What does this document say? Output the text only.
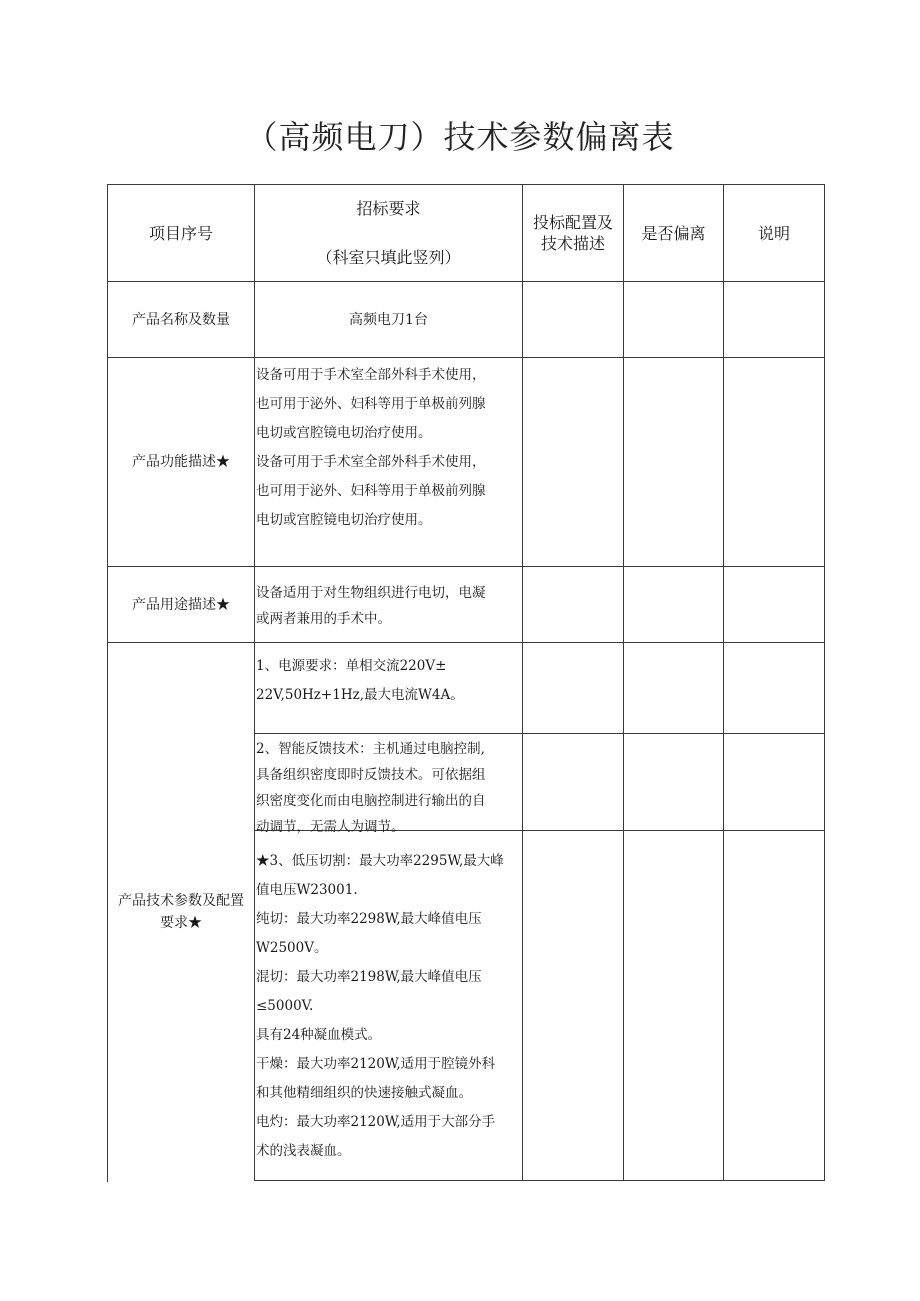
（高频电刀）技术参数偏离表
项目序号
招标要求
（科室只填此竖列）
投标配置及
技术描述
是否偏离	说明
产品名称及数量	高频电刀1台
产品功能描述★
设备可用于手术室全部外科手术使用，
也可用于泌外、妇科等用于单极前列腺
电切或宫腔镜电切治疗使用。
设备可用于手术室全部外科手术使用，
也可用于泌外、妇科等用于单极前列腺
电切或宫腔镜电切治疗使用。
产品用途描述★
设备适用于对生物组织进行电切，电凝
或两者兼用的手术中。
产品技术参数及配置
要求★
1、电源要求：单相交流220V±
22V,50Hz+1Hz,最大电流W4A。
2、智能反馈技术：主机通过电脑控制,
具备组织密度即时反馈技术。可依据组
织密度变化而由电脑控制进行输出的自
动调节，无需人为调节。
★3、低压切割：最大功率2295W,最大峰
值电压W23001.
纯切：最大功率2298W,最大峰值电压
W2500V。
混切：最大功率2198W,最大峰值电压
≤5000V.
具有24种凝血模式。
干燥：最大功率2120W,适用于腔镜外科
和其他精细组织的快速接触式凝血。
电灼：最大功率2120W,适用于大部分手
术的浅表凝血。
